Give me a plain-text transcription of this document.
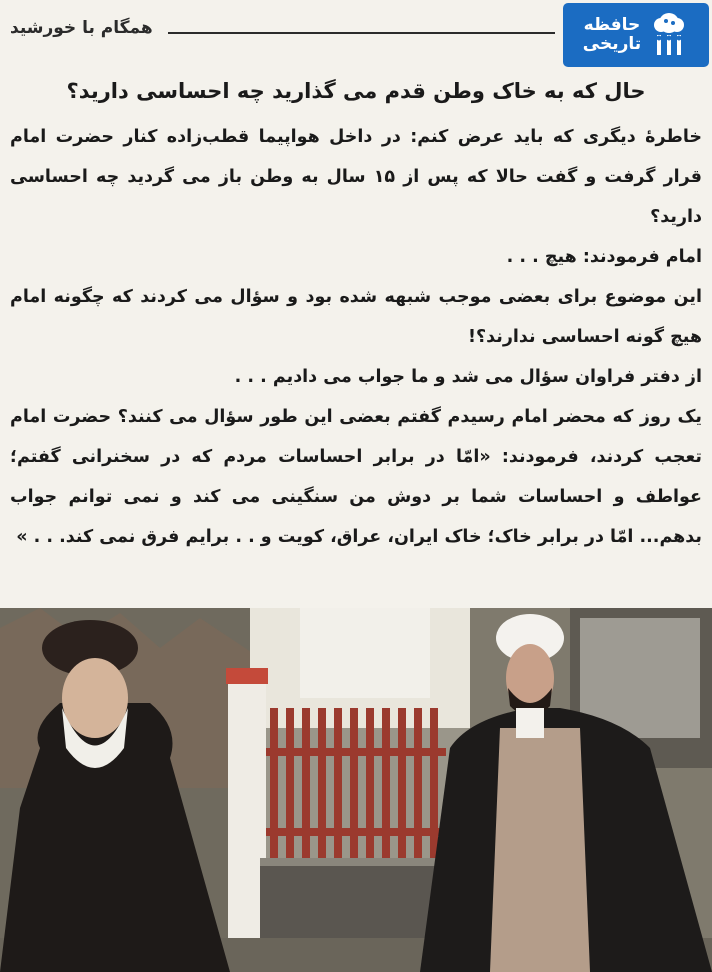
همگام با خورشید	حافظه
تاریخی
حال که به خاک وطن قدم می گذارید چه احساسی دارید؟

خاطرهٔ دیگری که باید عرض کنم: در داخل هواپیما قطب‌زاده کنار حضرت امام قرار گرفت و گفت حالا که پس از ۱۵ سال به وطن باز می گردید چه احساسی دارید؟

امام فرمودند: هیچ . . .

این موضوع برای بعضی موجب شبهه شده بود و سؤال می کردند که چگونه امام هیچ گونه احساسی ندارند؟!

از دفتر فراوان سؤال می شد و ما جواب می دادیم . . .

یک روز که محضر امام رسیدم گفتم بعضی این طور سؤال می کنند؟ حضرت امام تعجب کردند، فرمودند: «امّا در برابر احساسات مردم که در سخنرانی گفتم؛ عواطف و احساسات شما بر دوش من سنگینی می کند و نمی توانم جواب بدهم... امّا در برابر خاک؛ خاک ایران، عراق، کویت و . . برایم فرق نمی کند. . . »
